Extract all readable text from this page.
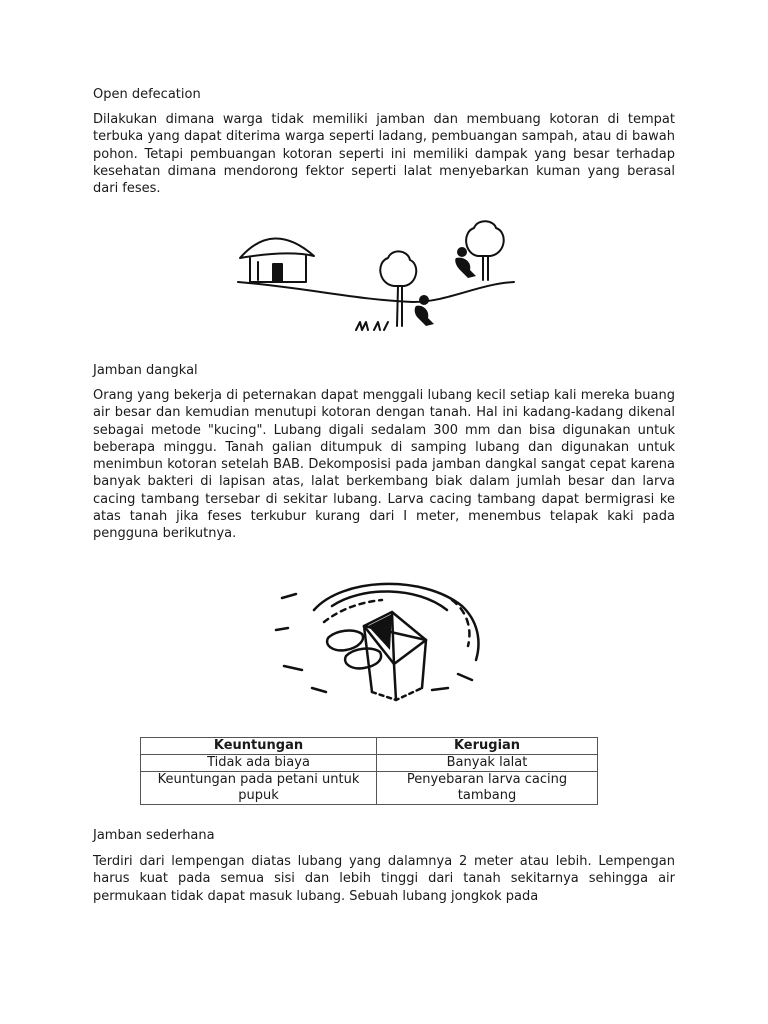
Open defecation

Dilakukan dimana warga tidak memiliki jamban dan membuang kotoran di tempat terbuka yang dapat diterima warga seperti ladang, pembuangan sampah, atau di bawah pohon. Tetapi pembuangan kotoran seperti ini memiliki dampak yang besar terhadap kesehatan dimana mendorong fektor seperti lalat menyebarkan kuman yang berasal dari feses.

Jamban dangkal

Orang yang bekerja di peternakan dapat menggali lubang kecil setiap kali mereka buang air besar dan kemudian menutupi kotoran dengan tanah. Hal ini kadang-kadang dikenal sebagai metode "kucing". Lubang digali sedalam 300 mm dan bisa digunakan untuk beberapa minggu. Tanah galian ditumpuk di samping lubang dan digunakan untuk menimbun kotoran setelah BAB. Dekomposisi pada jamban dangkal sangat cepat karena banyak bakteri di lapisan atas, lalat berkembang biak dalam jumlah besar dan larva cacing tambang tersebar di sekitar lubang. Larva cacing tambang dapat bermigrasi ke atas tanah jika feses terkubur kurang dari I meter, menembus telapak kaki pada pengguna berikutnya.

Keuntungan	Kerugian
Tidak ada biaya	Banyak lalat
Keuntungan pada petani untuk pupuk	Penyebaran larva cacing tambang
Jamban sederhana

Terdiri dari lempengan diatas lubang yang dalamnya 2 meter atau lebih. Lempengan harus kuat pada semua sisi dan lebih tinggi dari tanah sekitarnya sehingga air permukaan tidak dapat masuk lubang. Sebuah lubang jongkok pada
